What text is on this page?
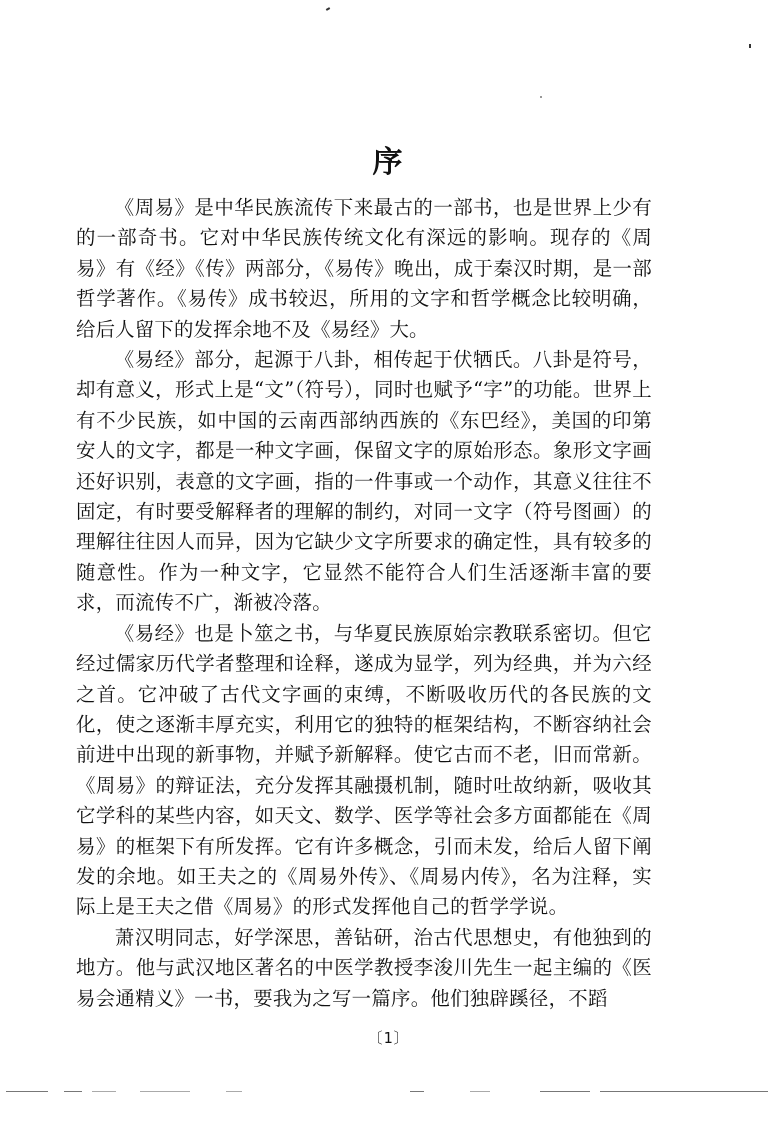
序

《周易》是中华民族流传下来最古的一部书，也是世界上少有的一部奇书。它对中华民族传统文化有深远的影响。现存的《周易》有《经》《传》两部分，《易传》晚出，成于秦汉时期，是一部哲学著作。《易传》成书较迟，所用的文字和哲学概念比较明确，给后人留下的发挥余地不及《易经》大。

《易经》部分，起源于八卦，相传起于伏牺氏。八卦是符号，却有意义，形式上是“文”（符号），同时也赋予“字”的功能。世界上有不少民族，如中国的云南西部纳西族的《东巴经》，美国的印第安人的文字，都是一种文字画，保留文字的原始形态。象形文字画还好识别，表意的文字画，指的一件事或一个动作，其意义往往不固定，有时要受解释者的理解的制约，对同一文字（符号图画）的理解往往因人而异，因为它缺少文字所要求的确定性，具有较多的随意性。作为一种文字，它显然不能符合人们生活逐渐丰富的要求，而流传不广，渐被冷落。

《易经》也是卜筮之书，与华夏民族原始宗教联系密切。但它经过儒家历代学者整理和诠释，遂成为显学，列为经典，并为六经之首。它冲破了古代文字画的束缚，不断吸收历代的各民族的文化，使之逐渐丰厚充实，利用它的独特的框架结构，不断容纳社会前进中出现的新事物，并赋予新解释。使它古而不老，旧而常新。《周易》的辩证法，充分发挥其融摄机制，随时吐故纳新，吸收其它学科的某些内容，如天文、数学、医学等社会多方面都能在《周易》的框架下有所发挥。它有许多概念，引而未发，给后人留下阐发的余地。如王夫之的《周易外传》、《周易内传》，名为注释，实际上是王夫之借《周易》的形式发挥他自己的哲学学说。

萧汉明同志，好学深思，善钻研，治古代思想史，有他独到的地方。他与武汉地区著名的中医学教授李浚川先生一起主编的《医易会通精义》一书，要我为之写一篇序。他们独辟蹊径，不蹈

〔1〕
